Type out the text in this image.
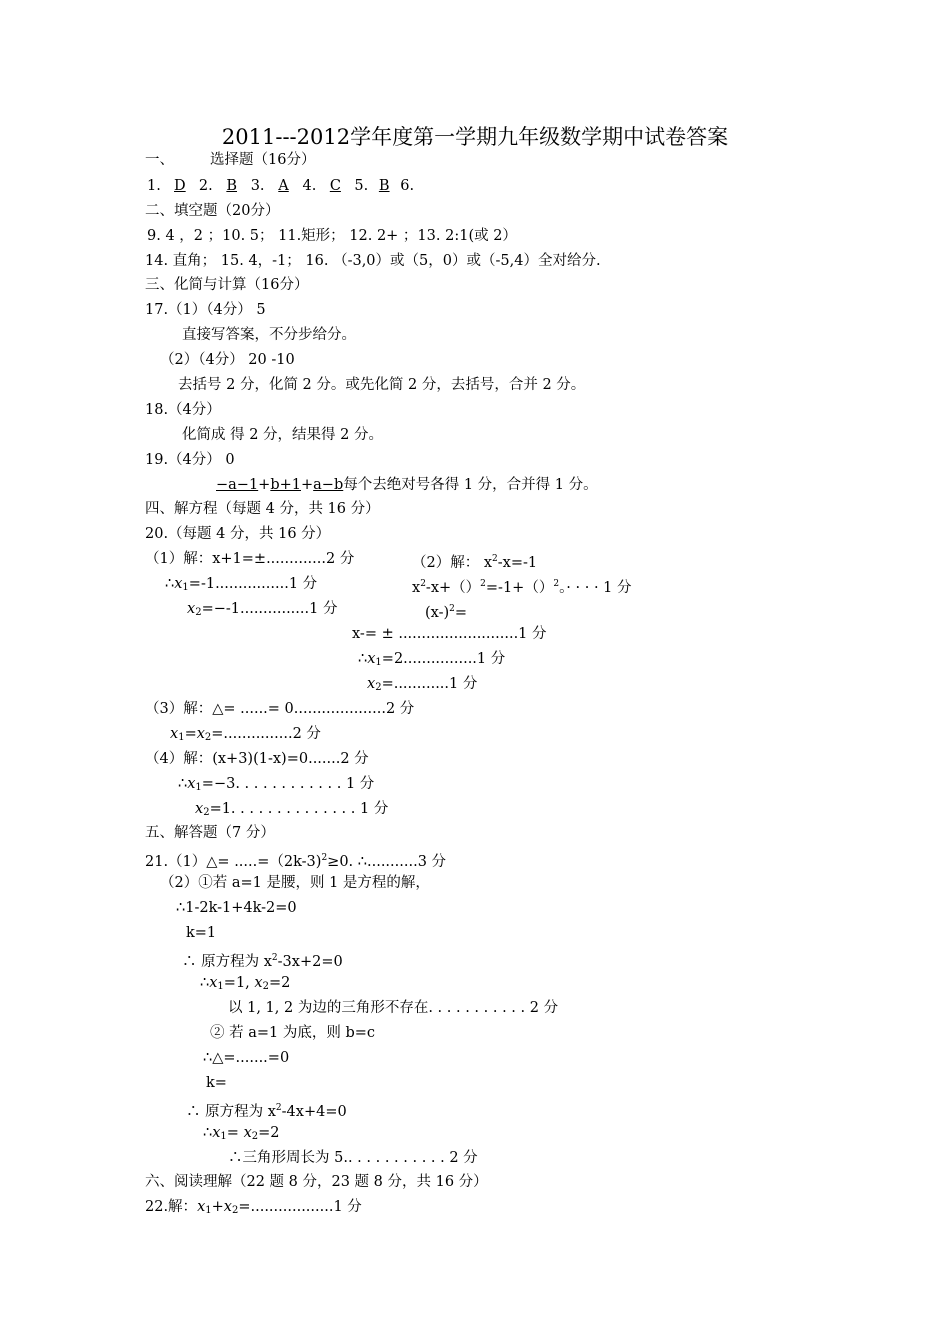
2011---2012学年度第一学期九年级数学期中试卷答案
一、 选择题（16分）
1. D 2. B 3. A 4. C 5. B 6.
二、填空题（20分）
9. 4 ，2 ；10. 5； 11.矩形； 12. 2+ ；13. 2:1(或 2）
14. 直角； 15. 4，-1； 16. （-3,0）或（5，0）或（-5,4）全对给分.
三、化简与计算（16分）
17.（1）（4分） 5
直接写答案，不分步给分。
（2）（4分） 20 -10
去括号 2 分，化简 2 分。或先化简 2 分，去括号，合并 2 分。
18.（4分）
化简成 得 2 分，结果得 2 分。
19.（4分） 0
−a−1+b+1+a−b每个去绝对号各得 1 分，合并得 1 分。
四、解方程（每题 4 分，共 16 分）
20.（每题 4 分，共 16 分）
（1）解：x+1=±.............2 分
$\therefore x_1=-1................1$ 分
$x_2=--1...............1$ 分
（2）解： $x^2-x=-1$
$x^2-x+()^2=-1+()^2$。· · · · 1 分
$(x-)^2=$
x-= ± ..........................1 分
$\therefore x_1=2................1$ 分
$x_2=............1$ 分
（3）解：△= ......= 0....................2 分
$x_1=x_2=...............2$ 分
（4）解：(x+3)(1-x)=0.......2 分
$\therefore x_1=-3$. . . . . . . . . . . . 1 分
$x_2=1$. . . . . . . . . . . . . . 1 分
五、解答题（7 分）
21.（1）△= .....=（2k-3)$^2$≥0. ∴...........3 分
（2）①若 a=1 是腰，则 1 是方程的解，
∴1-2k-1+4k-2=0
k=1
∴ 原方程为 $x^2-3x+2=0$
$\therefore x_1=1$, $x_2=2$
以 1, 1, 2 为边的三角形不存在. . . . . . . . . . . 2 分
② 若 a=1 为底，则 b=c
∴△=.......=0
k=
∴ 原方程为 $x^2-4x+4=0$
$\therefore x_1= x_2=2$
∴三角形周长为 5.. . . . . . . . . . . 2 分
六、阅读理解（22 题 8 分，23 题 8 分，共 16 分）
22.解：$x_1+x_2=..................1$ 分
